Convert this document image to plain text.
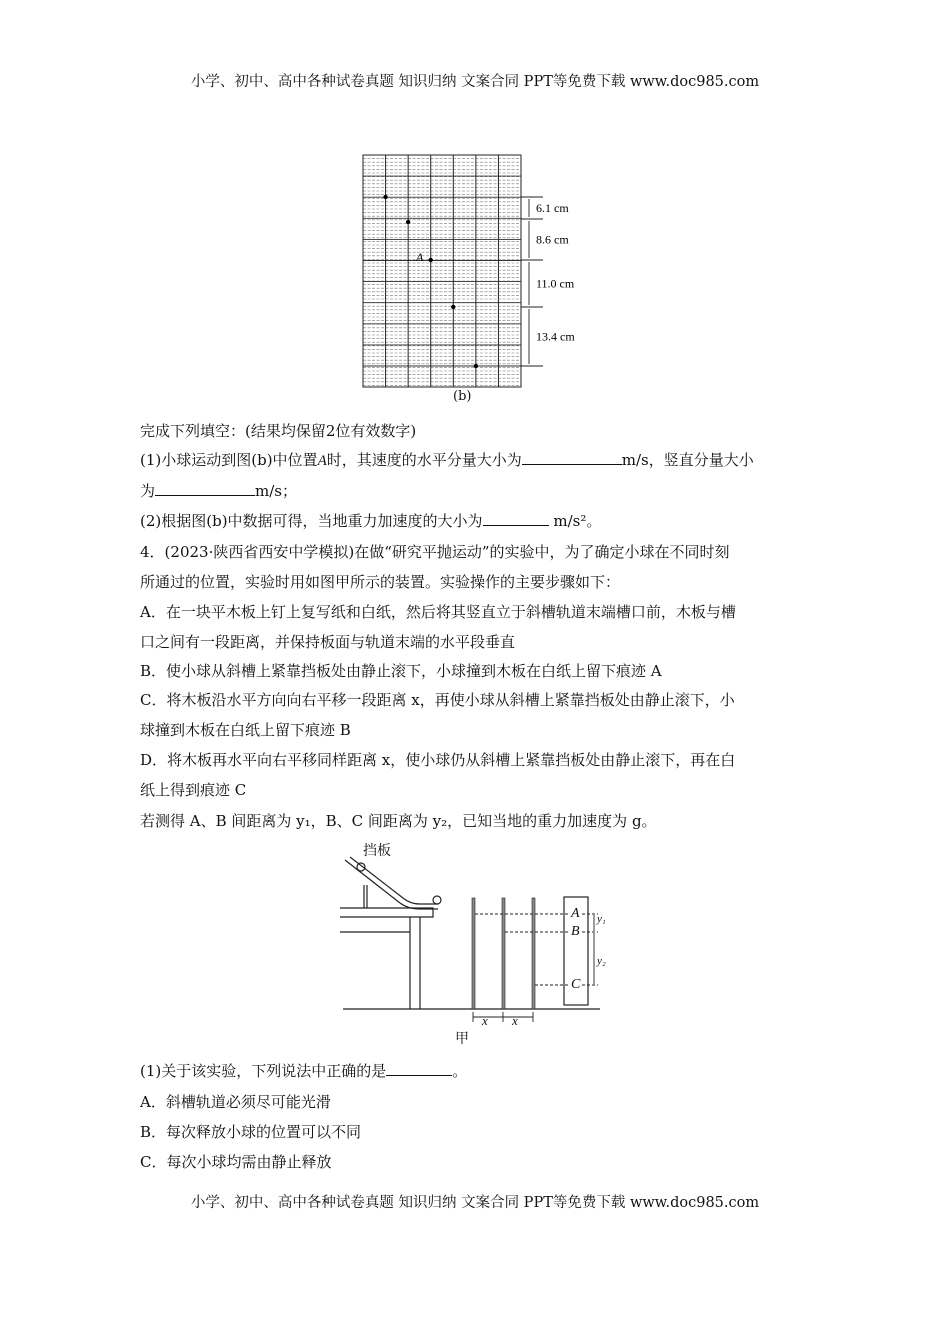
小学、初中、高中各种试卷真题 知识归纳 文案合同 PPT等免费下载 www.doc985.com
6.1 cm
8.6 cm
11.0 cm
13.4 cm
A
(b)
完成下列填空：(结果均保留2位有效数字)
(1)小球运动到图(b)中位置A时，其速度的水平分量大小为	m/s，竖直分量大小
为	m/s；
(2)根据图(b)中数据可得，当地重力加速度的大小为	m/s²。
4．(2023·陕西省西安中学模拟)在做“研究平抛运动”的实验中，为了确定小球在不同时刻
所通过的位置，实验时用如图甲所示的装置。实验操作的主要步骤如下：
A．在一块平木板上钉上复写纸和白纸，然后将其竖直立于斜槽轨道末端槽口前，木板与槽
口之间有一段距离，并保持板面与轨道末端的水平段垂直
B．使小球从斜槽上紧靠挡板处由静止滚下，小球撞到木板在白纸上留下痕迹 A
C．将木板沿水平方向向右平移一段距离 x，再使小球从斜槽上紧靠挡板处由静止滚下，小
球撞到木板在白纸上留下痕迹 B
D．将木板再水平向右平移同样距离 x，使小球仍从斜槽上紧靠挡板处由静止滚下，再在白
纸上得到痕迹 C
若测得 A、B 间距离为 y₁，B、C 间距离为 y₂，已知当地的重力加速度为 g。
挡板
A
B
C
y₁
y₂
x x
甲
(1)关于该实验，下列说法中正确的是	。
A．斜槽轨道必须尽可能光滑
B．每次释放小球的位置可以不同
C．每次小球均需由静止释放
小学、初中、高中各种试卷真题 知识归纳 文案合同 PPT等免费下载 www.doc985.com
